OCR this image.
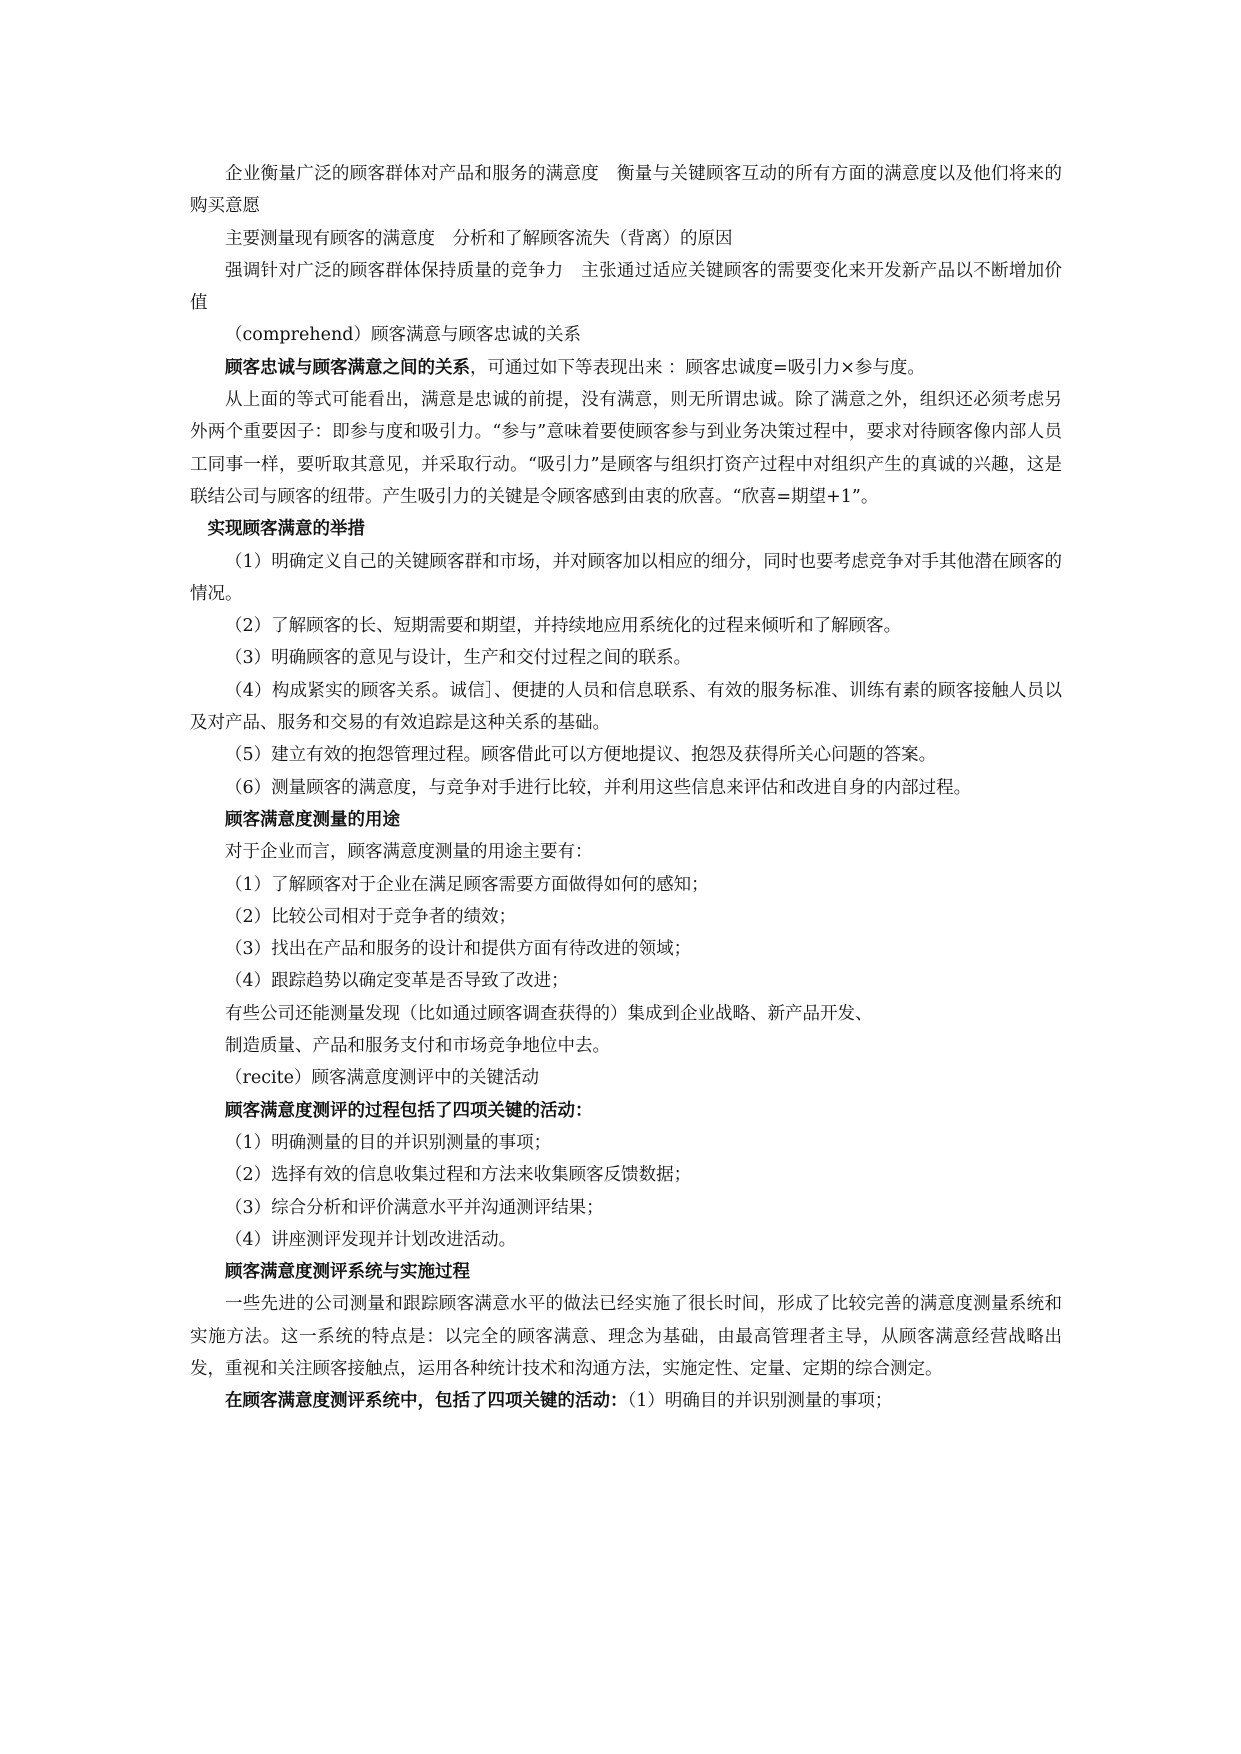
企业衡量广泛的顾客群体对产品和服务的满意度　衡量与关键顾客互动的所有方面的满意度以及他们将来的购买意愿

主要测量现有顾客的满意度　分析和了解顾客流失（背离）的原因

强调针对广泛的顾客群体保持质量的竞争力　主张通过适应关键顾客的需要变化来开发新产品以不断增加价值

（comprehend）顾客满意与顾客忠诚的关系

顾客忠诚与顾客满意之间的关系，可通过如下等表现出来 ：顾客忠诚度=吸引力×参与度。

从上面的等式可能看出，满意是忠诚的前提，没有满意，则无所谓忠诚。除了满意之外，组织还必须考虑另外两个重要因子：即参与度和吸引力。“参与”意味着要使顾客参与到业务决策过程中，要求对待顾客像内部人员工同事一样，要听取其意见，并采取行动。“吸引力”是顾客与组织打资产过程中对组织产生的真诚的兴趣，这是联结公司与顾客的纽带。产生吸引力的关键是令顾客感到由衷的欣喜。“欣喜=期望+1”。

实现顾客满意的举措

（1）明确定义自己的关键顾客群和市场，并对顾客加以相应的细分，同时也要考虑竞争对手其他潜在顾客的情况。

（2）了解顾客的长、短期需要和期望，并持续地应用系统化的过程来倾听和了解顾客。

（3）明确顾客的意见与设计，生产和交付过程之间的联系。

（4）构成紧实的顾客关系。诚信］、便捷的人员和信息联系、有效的服务标准、训练有素的顾客接触人员以及对产品、服务和交易的有效追踪是这种关系的基础。

（5）建立有效的抱怨管理过程。顾客借此可以方便地提议、抱怨及获得所关心问题的答案。

（6）测量顾客的满意度，与竞争对手进行比较，并利用这些信息来评估和改进自身的内部过程。

顾客满意度测量的用途

对于企业而言，顾客满意度测量的用途主要有：

（1）了解顾客对于企业在满足顾客需要方面做得如何的感知；

（2）比较公司相对于竞争者的绩效；

（3）找出在产品和服务的设计和提供方面有待改进的领域；

（4）跟踪趋势以确定变革是否导致了改进；

有些公司还能测量发现（比如通过顾客调查获得的）集成到企业战略、新产品开发、

制造质量、产品和服务支付和市场竞争地位中去。

（recite）顾客满意度测评中的关键活动

顾客满意度测评的过程包括了四项关键的活动：

（1）明确测量的目的并识别测量的事项；

（2）选择有效的信息收集过程和方法来收集顾客反馈数据；

（3）综合分析和评价满意水平并沟通测评结果；

（4）讲座测评发现并计划改进活动。

顾客满意度测评系统与实施过程

一些先进的公司测量和跟踪顾客满意水平的做法已经实施了很长时间，形成了比较完善的满意度测量系统和实施方法。这一系统的特点是：以完全的顾客满意、理念为基础，由最高管理者主导，从顾客满意经营战略出发，重视和关注顾客接触点，运用各种统计技术和沟通方法，实施定性、定量、定期的综合测定。

在顾客满意度测评系统中，包括了四项关键的活动：（1）明确目的并识别测量的事项；
